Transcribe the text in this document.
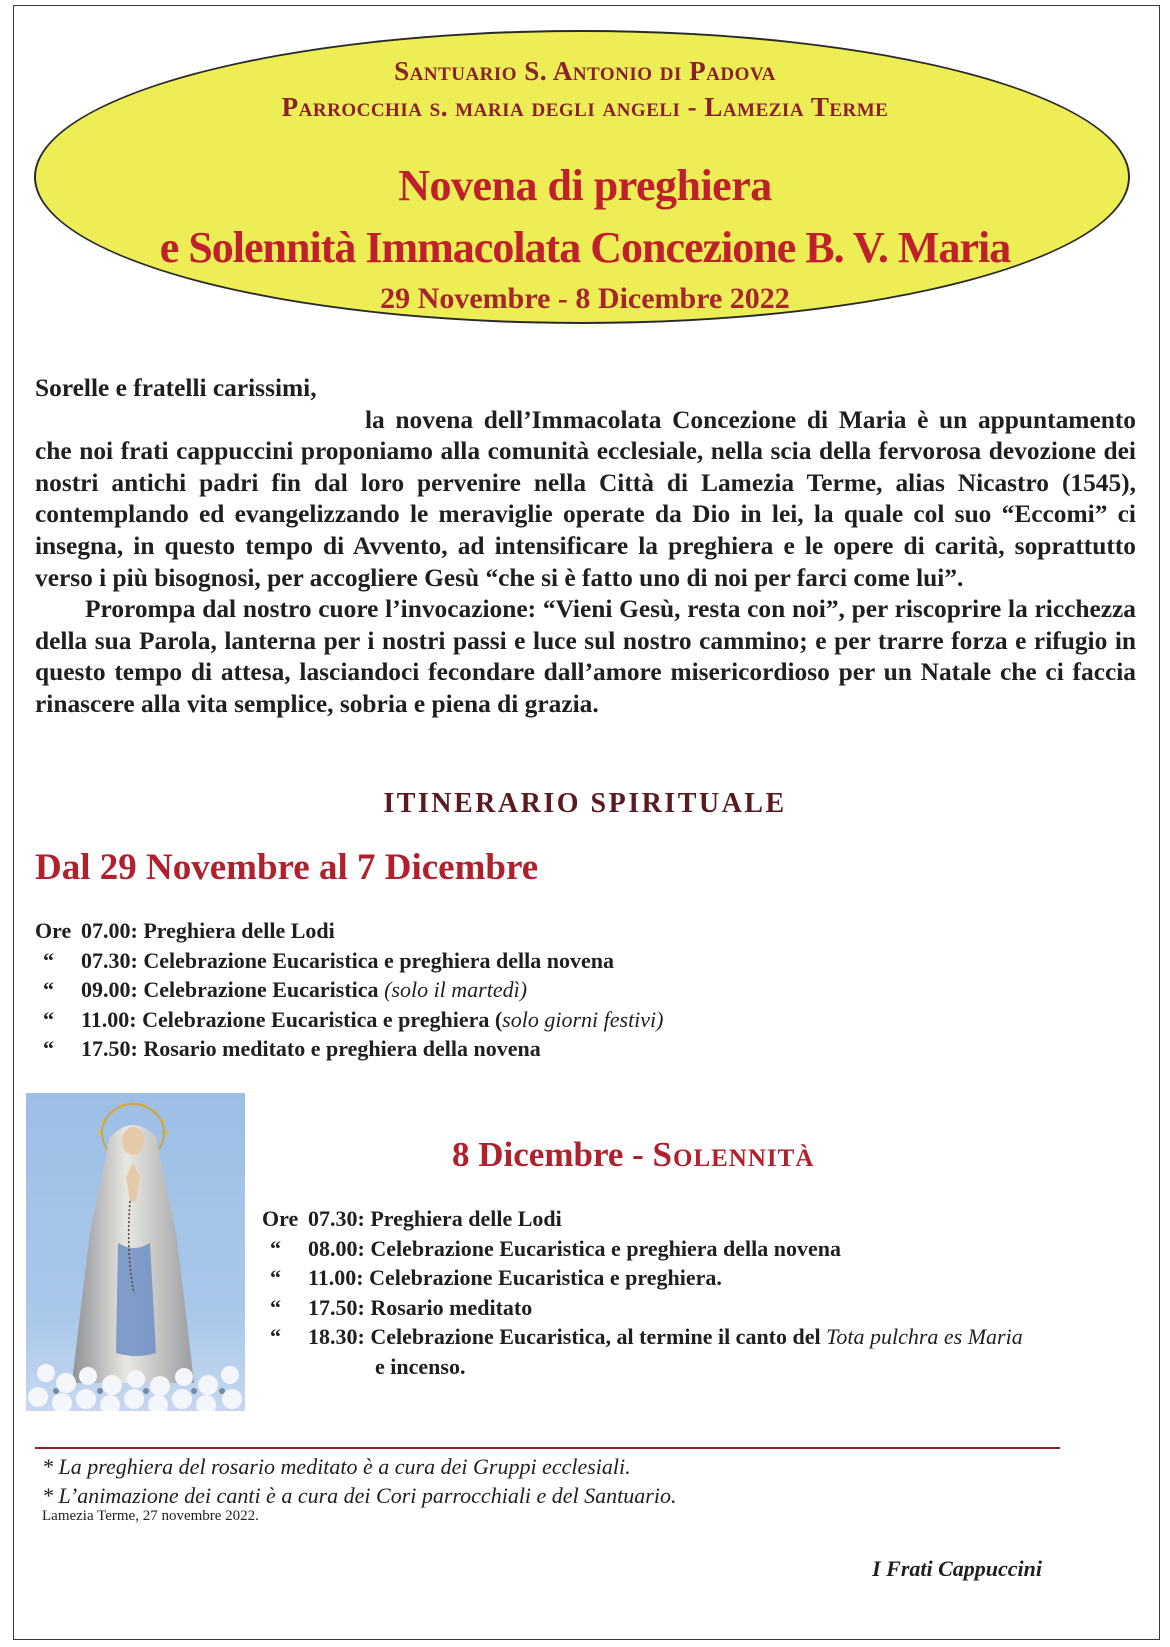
Santuario S. Antonio di Padova
Parrocchia s. maria degli angeli - Lamezia Terme
Novena di preghiera
e Solennità Immacolata Concezione B. V. Maria
29 Novembre - 8 Dicembre 2022

Sorelle e fratelli carissimi,

la novena dell’Immacolata Concezione di Maria è un appuntamento che noi frati cappuccini proponiamo alla comunità ecclesiale, nella scia della fervorosa devozione dei nostri antichi padri fin dal loro pervenire nella Città di Lamezia Terme, alias Nicastro (1545), contemplando ed evangelizzando le meraviglie operate da Dio in lei, la quale col suo “Eccomi” ci insegna, in questo tempo di Avvento, ad intensificare la preghiera e le opere di carità, soprattutto verso i più bisognosi, per accogliere Gesù “che si è fatto uno di noi per farci come lui”.

Prorompa dal nostro cuore l’invocazione: “Vieni Gesù, resta con noi”, per riscoprire la ricchezza della sua Parola, lanterna per i nostri passi e luce sul nostro cammino; e per trarre forza e rifugio in questo tempo di attesa, lasciandoci fecondare dall’amore misericordioso per un Natale che ci faccia rinascere alla vita semplice, sobria e piena di grazia.

ITINERARIO SPIRITUALE
Dal 29 Novembre al 7 Dicembre
Ore 07.00: Preghiera delle Lodi
“ 07.30: Celebrazione Eucaristica e preghiera della novena
“ 09.00: Celebrazione Eucaristica (solo il martedì)
“ 11.00: Celebrazione Eucaristica e preghiera (solo giorni festivi)
“ 17.50: Rosario meditato e preghiera della novena
8 Dicembre - Solennità
Ore 07.30: Preghiera delle Lodi
“ 08.00: Celebrazione Eucaristica e preghiera della novena
“ 11.00: Celebrazione Eucaristica e preghiera.
“ 17.50: Rosario meditato
“ 18.30: Celebrazione Eucaristica, al termine il canto del Tota pulchra es Maria
e incenso.
* La preghiera del rosario meditato è a cura dei Gruppi ecclesiali.
* L’animazione dei canti è a cura dei Cori parrocchiali e del Santuario.
Lamezia Terme, 27 novembre 2022.
I Frati Cappuccini
